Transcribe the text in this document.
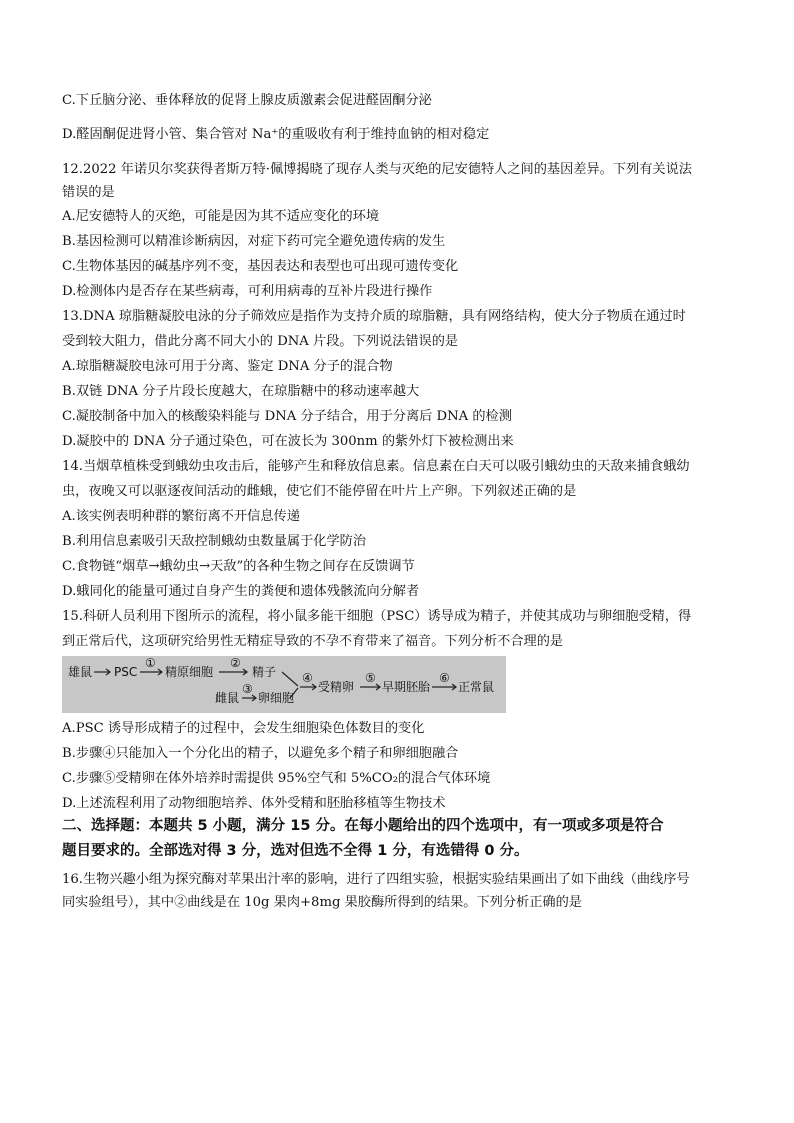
C.下丘脑分泌、垂体释放的促肾上腺皮质激素会促进醛固酮分泌
D.醛固酮促进肾小管、集合管对 Na⁺的重吸收有利于维持血钠的相对稳定
12.2022 年诺贝尔奖获得者斯万特·佩博揭晓了现存人类与灭绝的尼安德特人之间的基因差异。下列有关说法
错误的是
A.尼安德特人的灭绝，可能是因为其不适应变化的环境
B.基因检测可以精准诊断病因，对症下药可完全避免遗传病的发生
C.生物体基因的碱基序列不变，基因表达和表型也可出现可遗传变化
D.检测体内是否存在某些病毒，可利用病毒的互补片段进行操作
13.DNA 琼脂糖凝胶电泳的分子筛效应是指作为支持介质的琼脂糖，具有网络结构，使大分子物质在通过时
受到较大阻力，借此分离不同大小的 DNA 片段。下列说法错误的是
A.琼脂糖凝胶电泳可用于分离、鉴定 DNA 分子的混合物
B.双链 DNA 分子片段长度越大，在琼脂糖中的移动速率越大
C.凝胶制备中加入的核酸染料能与 DNA 分子结合，用于分离后 DNA 的检测
D.凝胶中的 DNA 分子通过染色，可在波长为 300nm 的紫外灯下被检测出来
14.当烟草植株受到蛾幼虫攻击后，能够产生和释放信息素。信息素在白天可以吸引蛾幼虫的天敌来捕食蛾幼
虫，夜晚又可以驱逐夜间活动的雌蛾，使它们不能停留在叶片上产卵。下列叙述正确的是
A.该实例表明种群的繁衍离不开信息传递
B.利用信息素吸引天敌控制蛾幼虫数量属于化学防治
C.食物链“烟草→蛾幼虫→天敌”的各种生物之间存在反馈调节
D.蛾同化的能量可通过自身产生的粪便和遗体残骸流向分解者
15.科研人员利用下图所示的流程，将小鼠多能干细胞（PSC）诱导成为精子，并使其成功与卵细胞受精，得
到正常后代，这项研究给男性无精症导致的不孕不育带来了福音。下列分析不合理的是
雄鼠 PSC
①
精原细胞
②
精子
雌鼠
③
卵细胞
④
受精卵
⑤
早期胚胎
⑥
正常鼠
A.PSC 诱导形成精子的过程中，会发生细胞染色体数目的变化
B.步骤④只能加入一个分化出的精子，以避免多个精子和卵细胞融合
C.步骤⑤受精卵在体外培养时需提供 95%空气和 5%CO₂的混合气体环境
D.上述流程利用了动物细胞培养、体外受精和胚胎移植等生物技术
二、选择题：本题共 5 小题，满分 15 分。在每小题给出的四个选项中，有一项或多项是符合
题目要求的。全部选对得 3 分，选对但选不全得 1 分，有选错得 0 分。
16.生物兴趣小组为探究酶对苹果出汁率的影响，进行了四组实验，根据实验结果画出了如下曲线（曲线序号
同实验组号），其中②曲线是在 10g 果肉+8mg 果胶酶所得到的结果。下列分析正确的是
